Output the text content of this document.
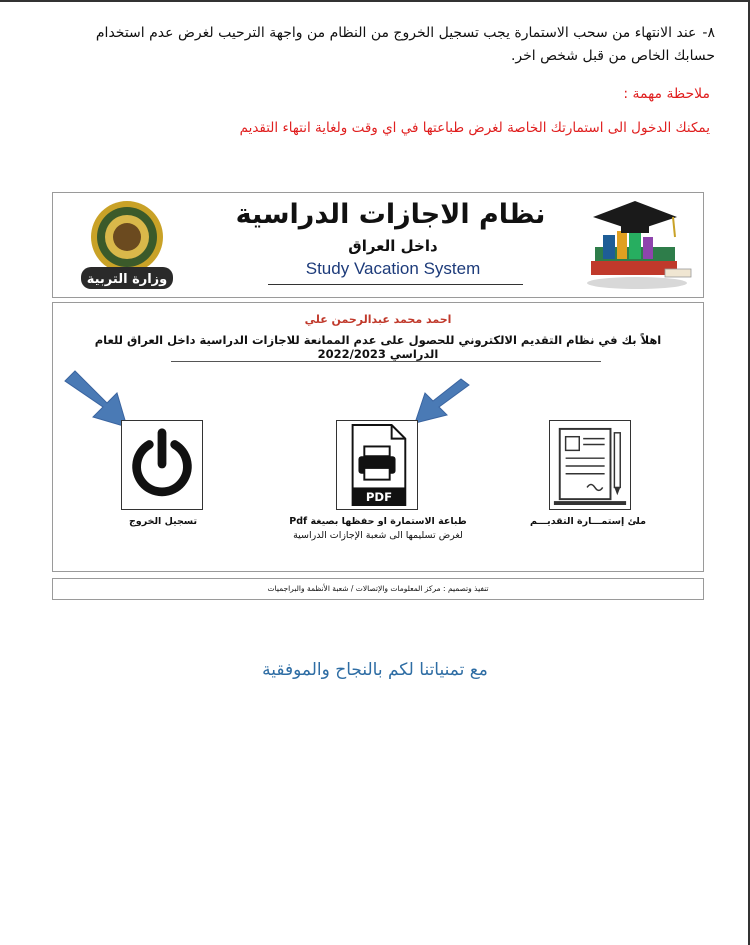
٨-عند الانتهاء من سحب الاستمارة يجب تسجيل الخروج من النظام من واجهة الترحيب لغرض عدم استخدام حسابك الخاص من قبل شخص اخر.
ملاحظة مهمة :
يمكنك الدخول الى استمارتك الخاصة لغرض طباعتها في اي وقت ولغاية انتهاء التقديم
وزارة التربية
نظام الاجازات الدراسية
داخل العراق
Study Vacation System
احمد محمد عبدالرحمن علي
اهلاً بك في نظام التقديم الالكتروني للحصول على عدم الممانعة للاجازات الدراسية داخل العراق للعام الدراسي 2022/2023
تسجيل الخروج
PDF
طباعة الاستمارة او حفظها بصيغة Pdf
لغرض تسليمها الى شعبة الإجازات الدراسية
ملئ إستمـــارة التقديـــم
تنفيذ وتصميم : مركز المعلومات والإتصالات / شعبة الأنظمة والبراجميات
مع تمنياتنا لكم بالنجاح والموفقية
